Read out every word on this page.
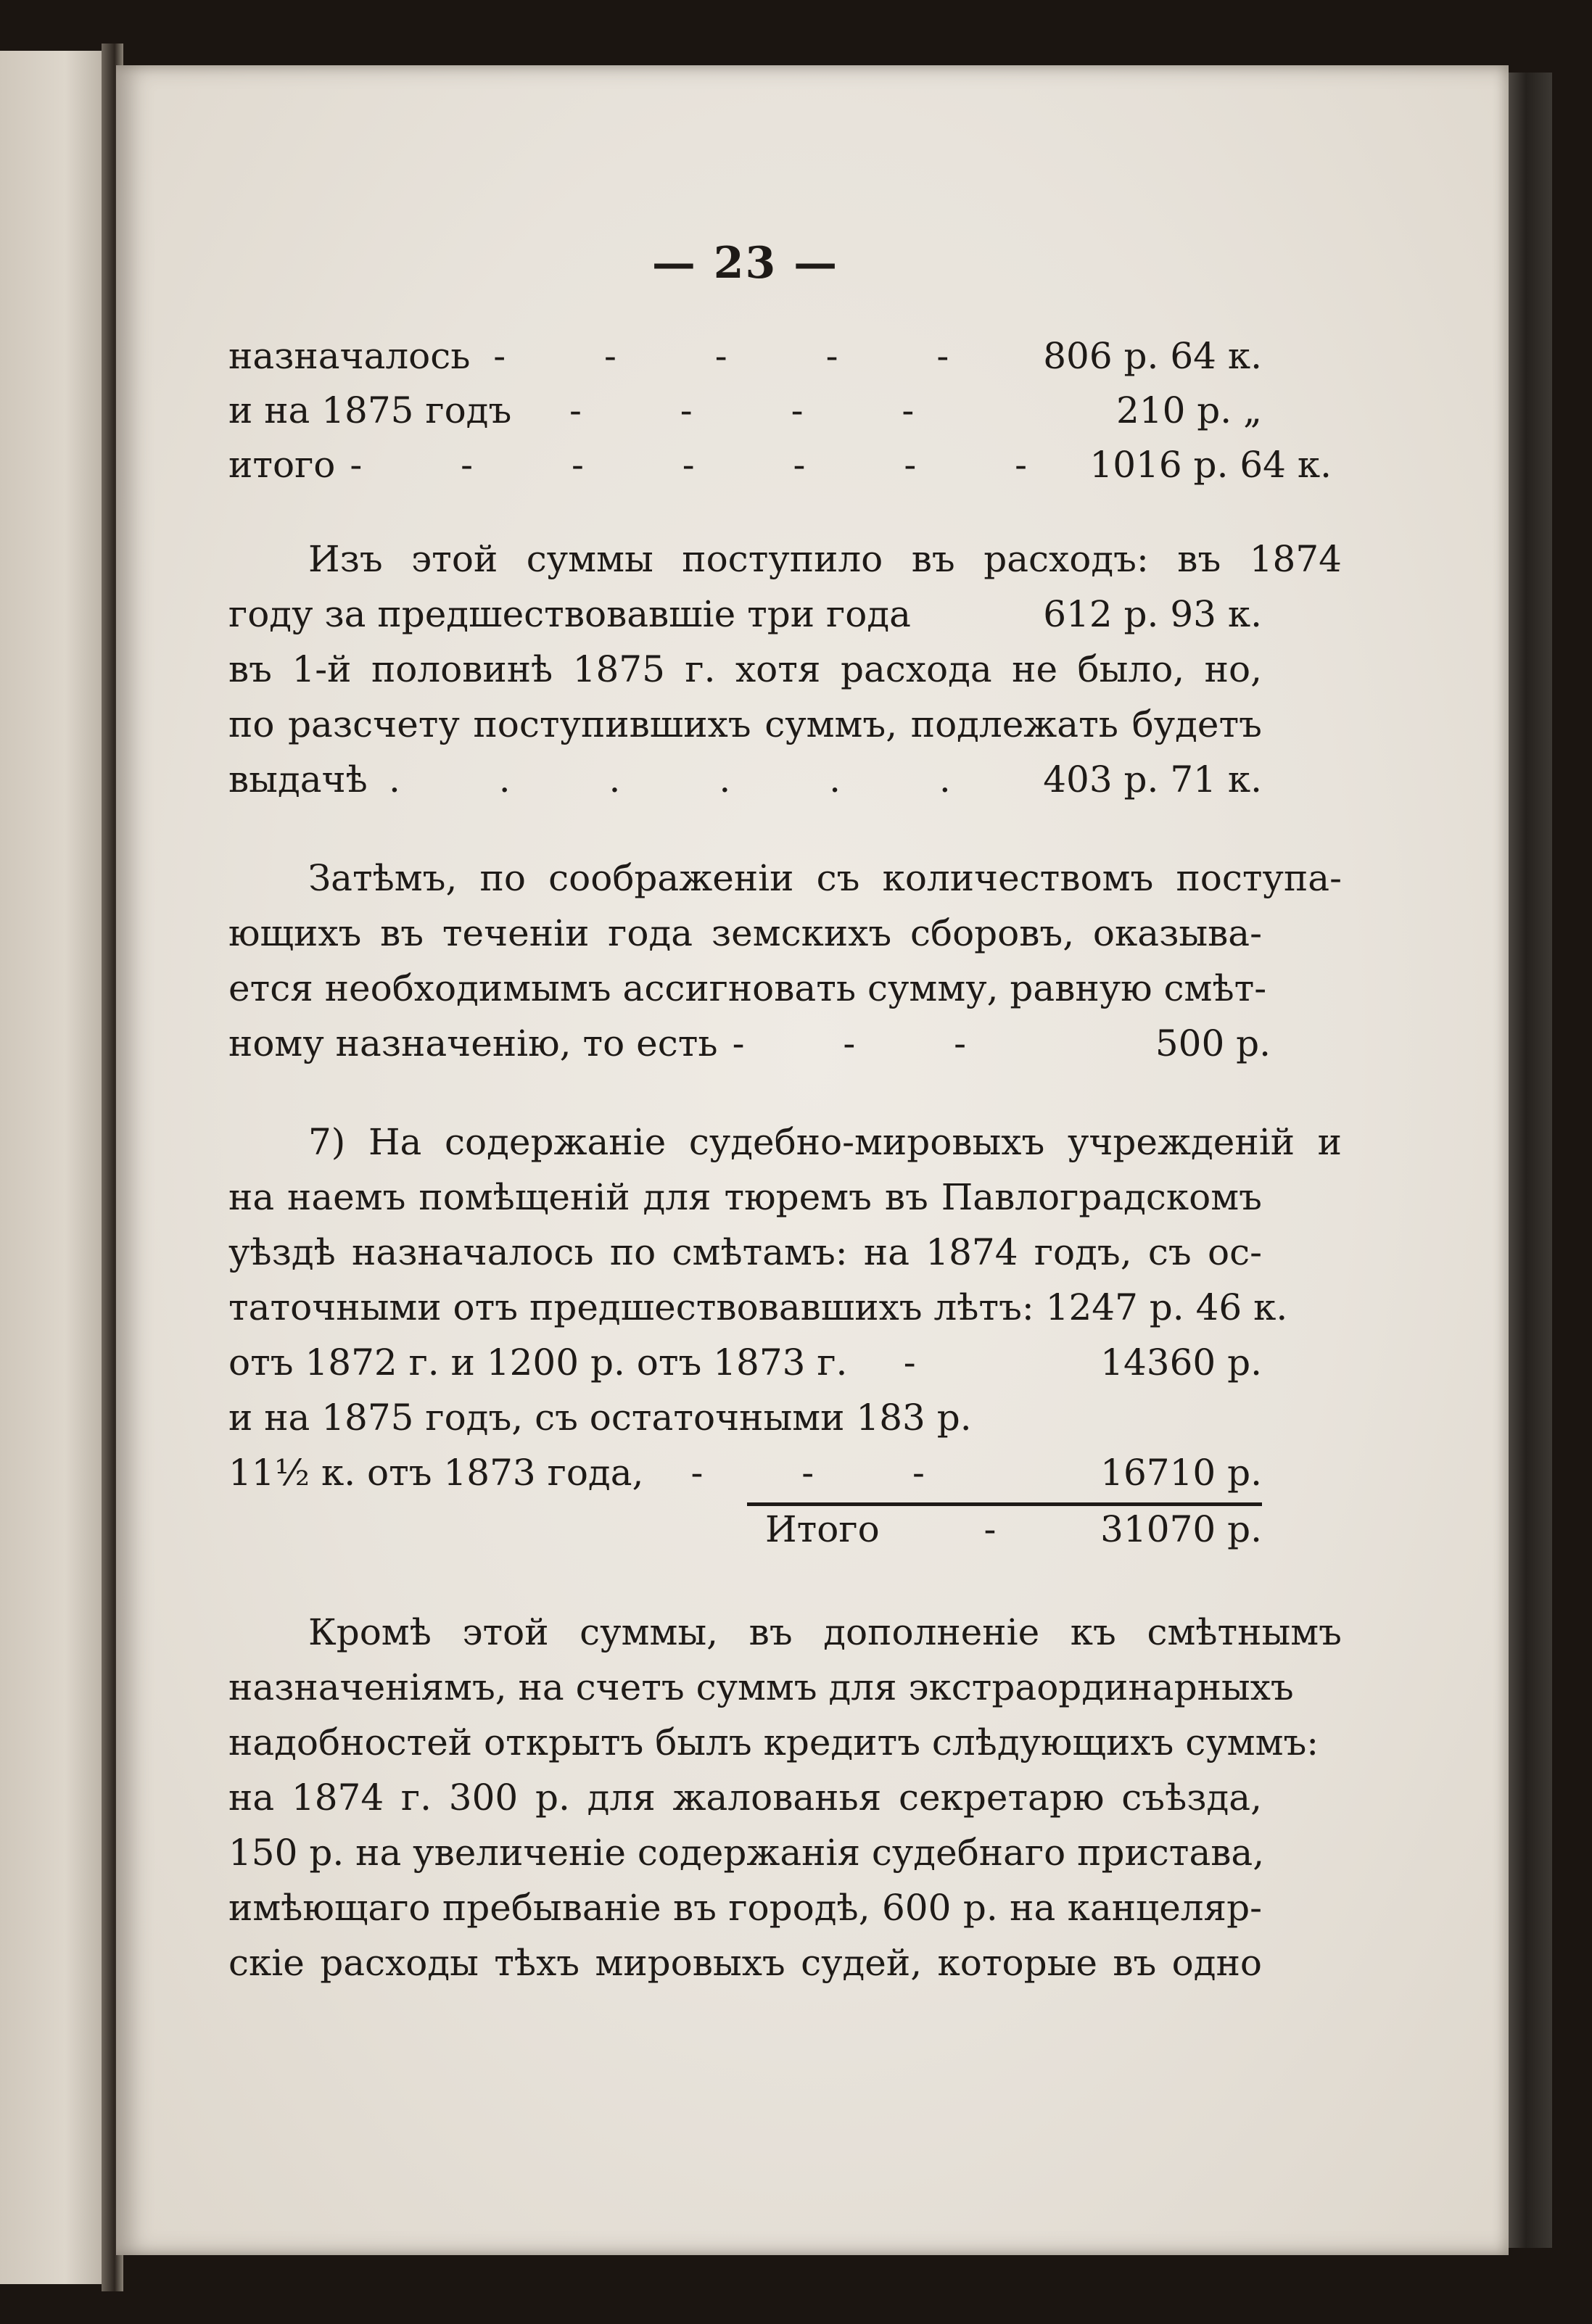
— 23 —
назначалось - - - - -	806 р. 64 к.
и на 1875 годъ	- - - -	210 р. „
итого - - - - - - - 1016 р. 64 к.
Изъ этой суммы поступило въ расходъ: въ 1874
году за предшествовавшіе три года	612 р. 93 к.
въ 1-й половинѣ 1875 г. хотя расхода не было, но,
по разсчету поступившихъ суммъ, подлежать будетъ
выдачѣ . . . . . .	403 р. 71 к.
Затѣмъ, по соображеніи съ количествомъ поступа-
ющихъ въ теченіи года земскихъ сборовъ, оказыва-
ется необходимымъ ассигновать сумму, равную смѣт-
ному назначенію, то есть - - -	500 р.
7) На содержаніе судебно-мировыхъ учрежденій и
на наемъ помѣщеній для тюремъ въ Павлоградскомъ
уѣздѣ назначалось по смѣтамъ: на 1874 годъ, съ ос-
таточными отъ предшествовавшихъ лѣтъ: 1247 р. 46 к.
отъ 1872 г. и 1200 р. отъ 1873 г.	-	14360 р.
и на 1875 годъ, съ остаточными 183 р.
11½ к. отъ 1873 года,	- - -	16710 р.
Итого	-	31070 р.
Кромѣ этой суммы, въ дополненіе къ смѣтнымъ
назначеніямъ, на счетъ суммъ для экстраординарныхъ
надобностей открытъ былъ кредитъ слѣдующихъ суммъ:
на 1874 г. 300 р. для жалованья секретарю съѣзда,
150 р. на увеличеніе содержанія судебнаго пристава,
имѣющаго пребываніе въ городѣ, 600 р. на канцеляр-
скіе расходы тѣхъ мировыхъ судей, которые въ одно
